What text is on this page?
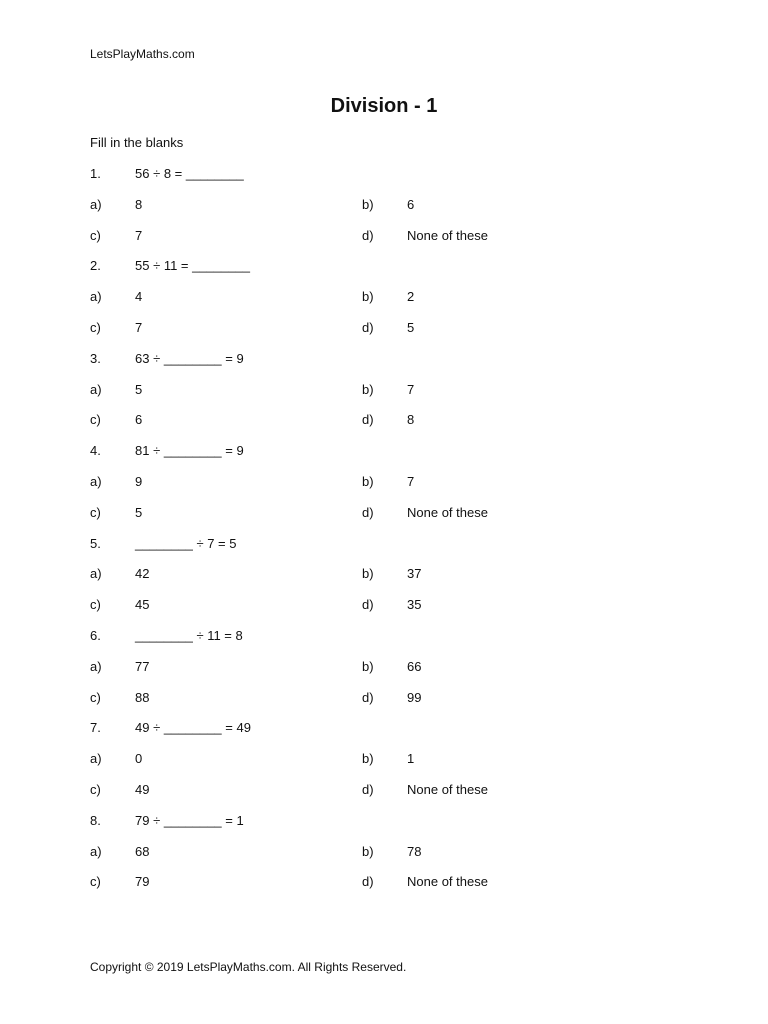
LetsPlayMaths.com
Division - 1
Fill in the blanks
1.	56 ÷ 8 = ________
a)	8	b)	6
c)	7	d)	None of these
2.	55 ÷ 11 = ________
a)	4	b)	2
c)	7	d)	5
3.	63 ÷ ________ = 9
a)	5	b)	7
c)	6	d)	8
4.	81 ÷ ________ = 9
a)	9	b)	7
c)	5	d)	None of these
5.	________ ÷ 7 = 5
a)	42	b)	37
c)	45	d)	35
6.	________ ÷ 11 = 8
a)	77	b)	66
c)	88	d)	99
7.	49 ÷ ________ = 49
a)	0	b)	1
c)	49	d)	None of these
8.	79 ÷ ________ = 1
a)	68	b)	78
c)	79	d)	None of these
Copyright © 2019 LetsPlayMaths.com. All Rights Reserved.
